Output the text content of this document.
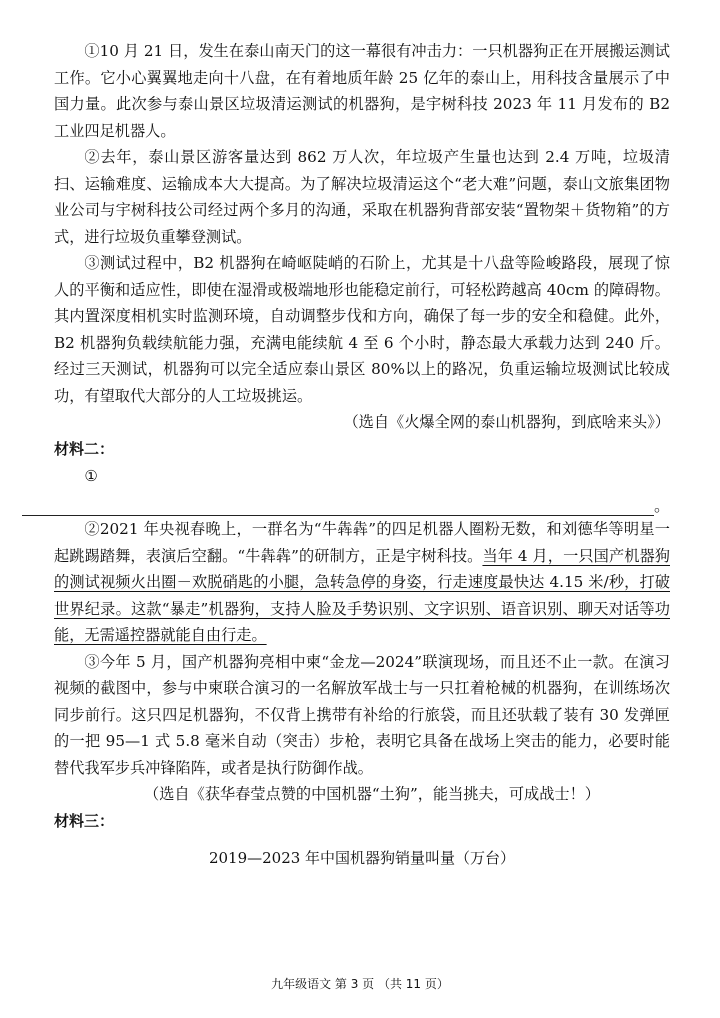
①10 月 21 日，发生在泰山南天门的这一幕很有冲击力：一只机器狗正在开展搬运测试工作。它小心翼翼地走向十八盘，在有着地质年龄 25 亿年的泰山上，用科技含量展示了中国力量。此次参与泰山景区垃圾清运测试的机器狗，是宇树科技 2023 年 11 月发布的 B2 工业四足机器人。

②去年，泰山景区游客量达到 862 万人次，年垃圾产生量也达到 2.4 万吨，垃圾清扫、运输难度、运输成本大大提高。为了解决垃圾清运这个“老大难”问题，泰山文旅集团物业公司与宇树科技公司经过两个多月的沟通，采取在机器狗背部安装“置物架＋货物箱”的方式，进行垃圾负重攀登测试。

③测试过程中，B2 机器狗在崎岖陡峭的石阶上，尤其是十八盘等险峻路段，展现了惊人的平衡和适应性，即使在湿滑或极端地形也能稳定前行，可轻松跨越高 40cm 的障碍物。其内置深度相机实时监测环境，自动调整步伐和方向，确保了每一步的安全和稳健。此外，B2 机器狗负载续航能力强，充满电能续航 4 至 6 个小时，静态最大承载力达到 240 斤。经过三天测试，机器狗可以完全适应泰山景区 80%以上的路况，负重运输垃圾测试比较成功，有望取代大部分的人工垃圾挑运。

（选自《火爆全网的泰山机器狗，到底啥来头》）

材料二：

①

。

②2021 年央视春晚上，一群名为“牛犇犇”的四足机器人圈粉无数，和刘德华等明星一起跳踢踏舞，表演后空翻。“牛犇犇”的研制方，正是宇树科技。当年 4 月，一只国产机器狗的测试视频火出圈－欢脱硝匙的小腿，急转急停的身姿，行走速度最快达 4.15 米/秒，打破世界纪录。这款“暴走”机器狗，支持人脸及手势识别、文字识别、语音识别、聊天对话等功能，无需遥控器就能自由行走。

③今年 5 月，国产机器狗亮相中柬“金龙—2024”联演现场，而且还不止一款。在演习视频的截图中，参与中柬联合演习的一名解放军战士与一只扛着枪械的机器狗，在训练场次同步前行。这只四足机器狗，不仅背上携带有补给的行旅袋，而且还驮载了装有 30 发弹匣的一把 95—1 式 5.8 毫米自动（突击）步枪，表明它具备在战场上突击的能力，必要时能替代我军步兵冲锋陷阵，或者是执行防御作战。

（选自《获华春莹点赞的中国机器“土狗”，能当挑夫，可成战士！）

材料三：

2019—2023 年中国机器狗销量叫量（万台）

九年级语文 第 3 页 （共 11 页）
